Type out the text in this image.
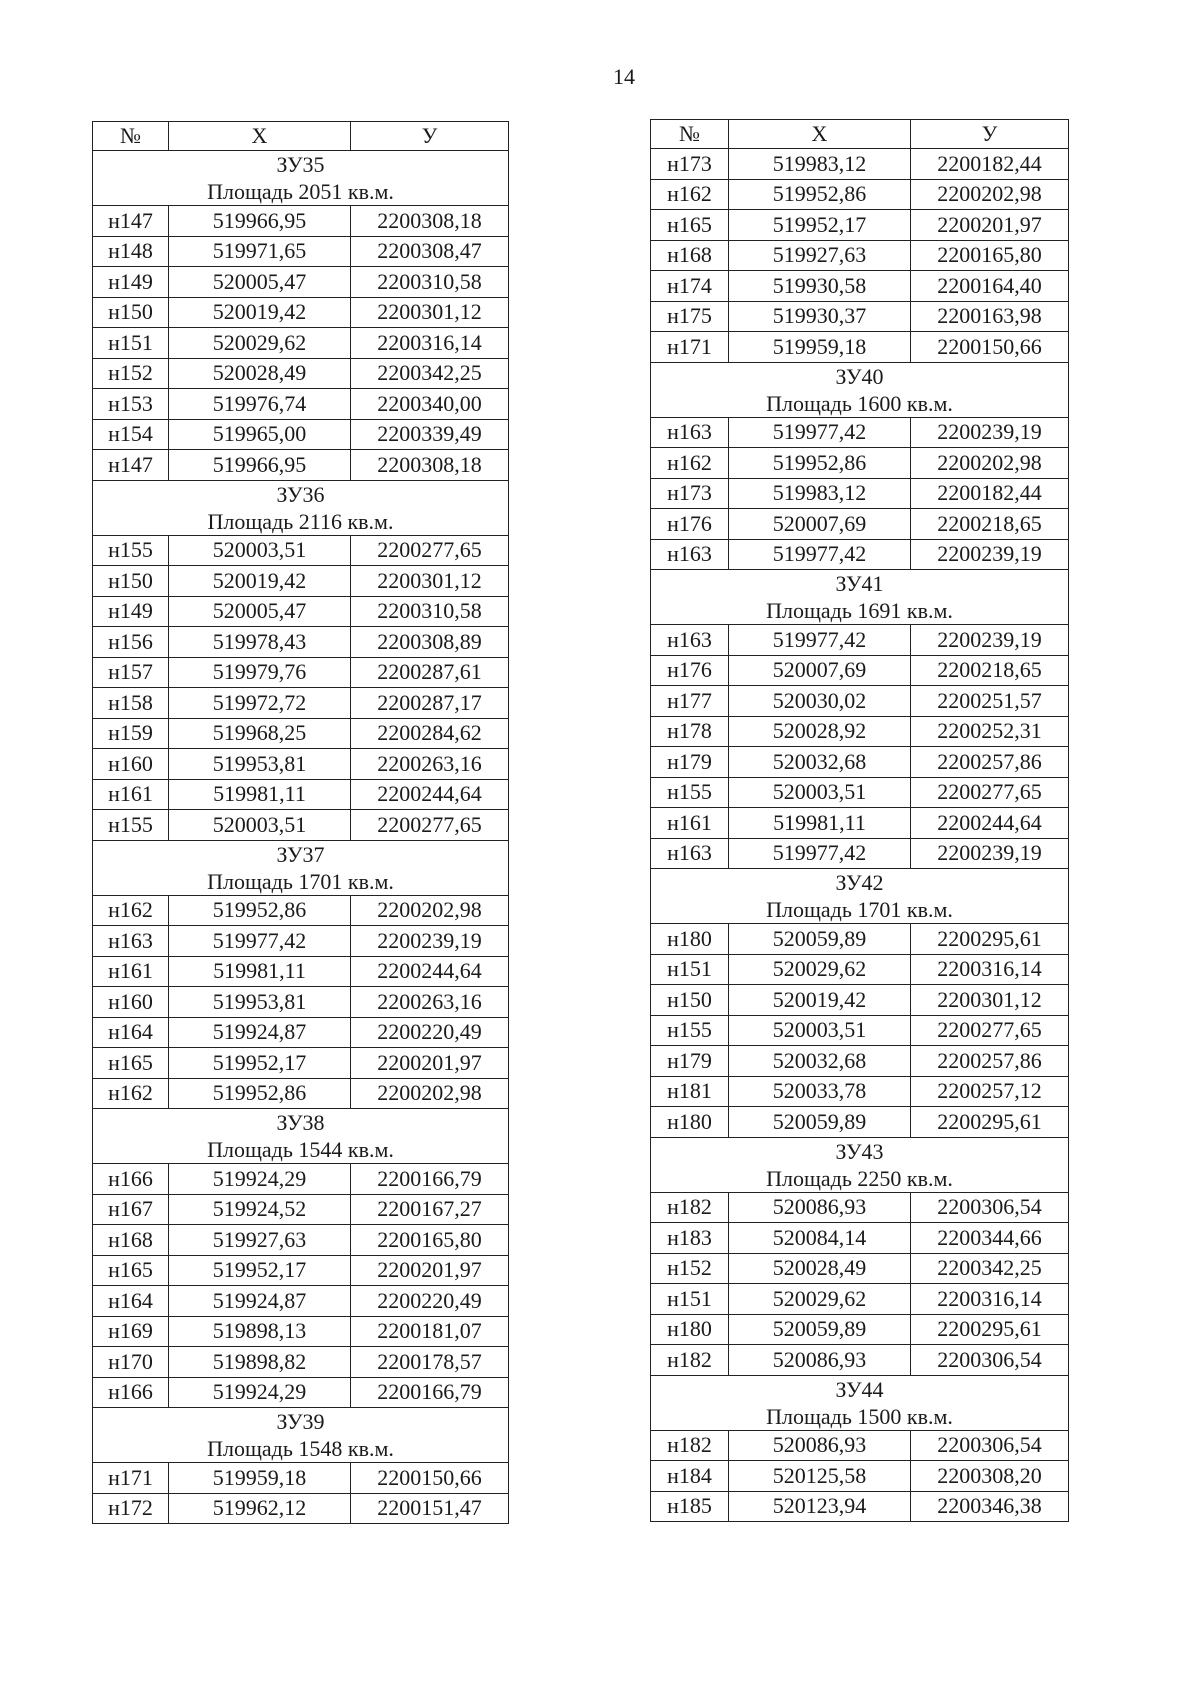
14
№	Х	У

ЗУ35
Площадь 2051 кв.м.		

н147	519966,95	2200308,18
н148	519971,65	2200308,47
н149	520005,47	2200310,58
н150	520019,42	2200301,12
н151	520029,62	2200316,14
н152	520028,49	2200342,25
н153	519976,74	2200340,00
н154	519965,00	2200339,49
н147	519966,95	2200308,18

ЗУ36
Площадь 2116 кв.м.		

н155	520003,51	2200277,65
н150	520019,42	2200301,12
н149	520005,47	2200310,58
н156	519978,43	2200308,89
н157	519979,76	2200287,61
н158	519972,72	2200287,17
н159	519968,25	2200284,62
н160	519953,81	2200263,16
н161	519981,11	2200244,64
н155	520003,51	2200277,65

ЗУ37
Площадь 1701 кв.м.		

н162	519952,86	2200202,98
н163	519977,42	2200239,19
н161	519981,11	2200244,64
н160	519953,81	2200263,16
н164	519924,87	2200220,49
н165	519952,17	2200201,97
н162	519952,86	2200202,98

ЗУ38
Площадь 1544 кв.м.		

н166	519924,29	2200166,79
н167	519924,52	2200167,27
н168	519927,63	2200165,80
н165	519952,17	2200201,97
н164	519924,87	2200220,49
н169	519898,13	2200181,07
н170	519898,82	2200178,57
н166	519924,29	2200166,79

ЗУ39
Площадь 1548 кв.м.		

н171	519959,18	2200150,66
н172	519962,12	2200151,47
№	Х	У
н173	519983,12	2200182,44
н162	519952,86	2200202,98
н165	519952,17	2200201,97
н168	519927,63	2200165,80
н174	519930,58	2200164,40
н175	519930,37	2200163,98
н171	519959,18	2200150,66

ЗУ40
Площадь 1600 кв.м.		

н163	519977,42	2200239,19
н162	519952,86	2200202,98
н173	519983,12	2200182,44
н176	520007,69	2200218,65
н163	519977,42	2200239,19

ЗУ41
Площадь 1691 кв.м.		

н163	519977,42	2200239,19
н176	520007,69	2200218,65
н177	520030,02	2200251,57
н178	520028,92	2200252,31
н179	520032,68	2200257,86
н155	520003,51	2200277,65
н161	519981,11	2200244,64
н163	519977,42	2200239,19

ЗУ42
Площадь 1701 кв.м.		

н180	520059,89	2200295,61
н151	520029,62	2200316,14
н150	520019,42	2200301,12
н155	520003,51	2200277,65
н179	520032,68	2200257,86
н181	520033,78	2200257,12
н180	520059,89	2200295,61

ЗУ43
Площадь 2250 кв.м.		

н182	520086,93	2200306,54
н183	520084,14	2200344,66
н152	520028,49	2200342,25
н151	520029,62	2200316,14
н180	520059,89	2200295,61
н182	520086,93	2200306,54

ЗУ44
Площадь 1500 кв.м.		

н182	520086,93	2200306,54
н184	520125,58	2200308,20
н185	520123,94	2200346,38
